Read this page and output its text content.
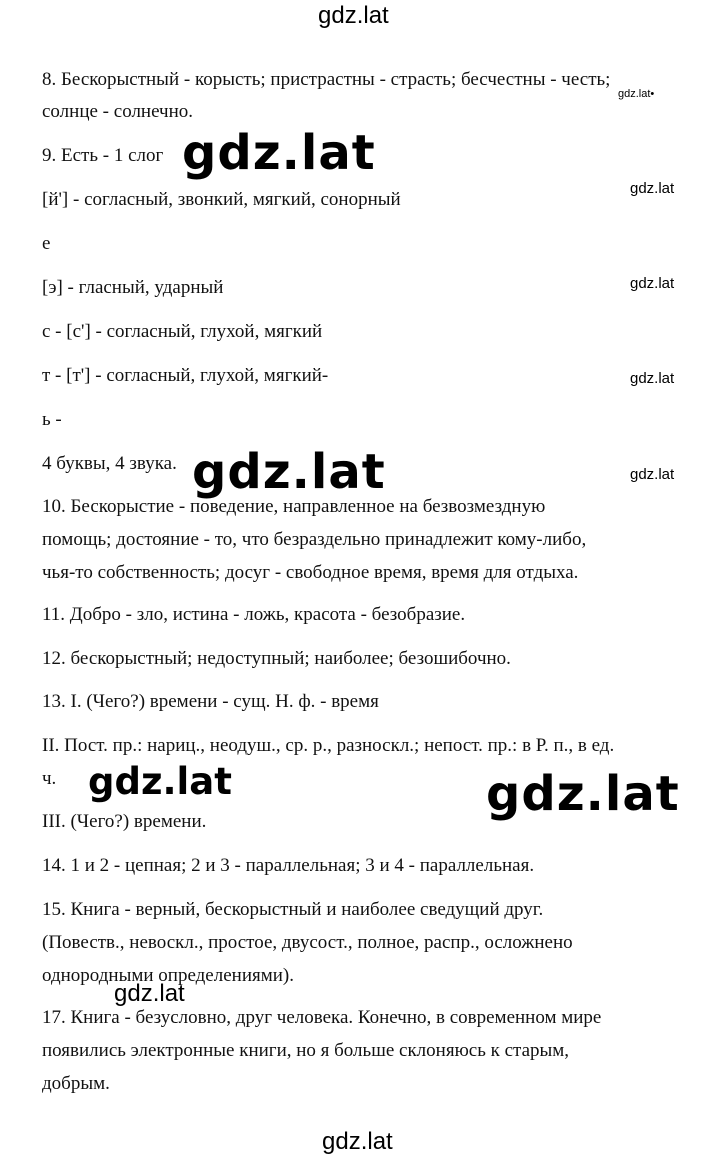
gdz.lat
8. Бескорыстный - корысть; пристрастны - страсть; бесчестны - честь;
солнце - солнечно.
9. Есть - 1 слог
[й'] - согласный, звонкий, мягкий, сонорный
е
[э] - гласный, ударный
с - [с'] - согласный, глухой, мягкий
т - [т'] - согласный, глухой, мягкий-
ь -
4 буквы, 4 звука.
10. Бескорыстие - поведение, направленное на безвозмездную
помощь; достояние - то, что безраздельно принадлежит кому-либо,
чья-то собственность; досуг - свободное время, время для отдыха.
11. Добро - зло, истина - ложь, красота - безобразие.
12. бескорыстный; недоступный; наиболее; безошибочно.
13. I. (Чего?) времени - сущ. Н. ф. - время
II. Пост. пр.: нариц., неодуш., ср. р., разноскл.; непост. пр.: в Р. п., в ед.
ч.
III. (Чего?) времени.
14. 1 и 2 - цепная; 2 и 3 - параллельная; 3 и 4 - параллельная.
15. Книга - верный, бескорыстный и наиболее сведущий друг.
(Повеств., невоскл., простое, двусост., полное, распр., осложнено
однородными определениями).
17. Книга - безусловно, друг человека. Конечно, в современном мире
появились электронные книги, но я больше склоняюсь к старым,
добрым.
gdz.lat•
gdz.lat
gdz.lat
gdz.lat
gdz.lat
gdz.lat
gdz.lat
gdz.lat	gdz.lat
gdz.lat
gdz.lat
